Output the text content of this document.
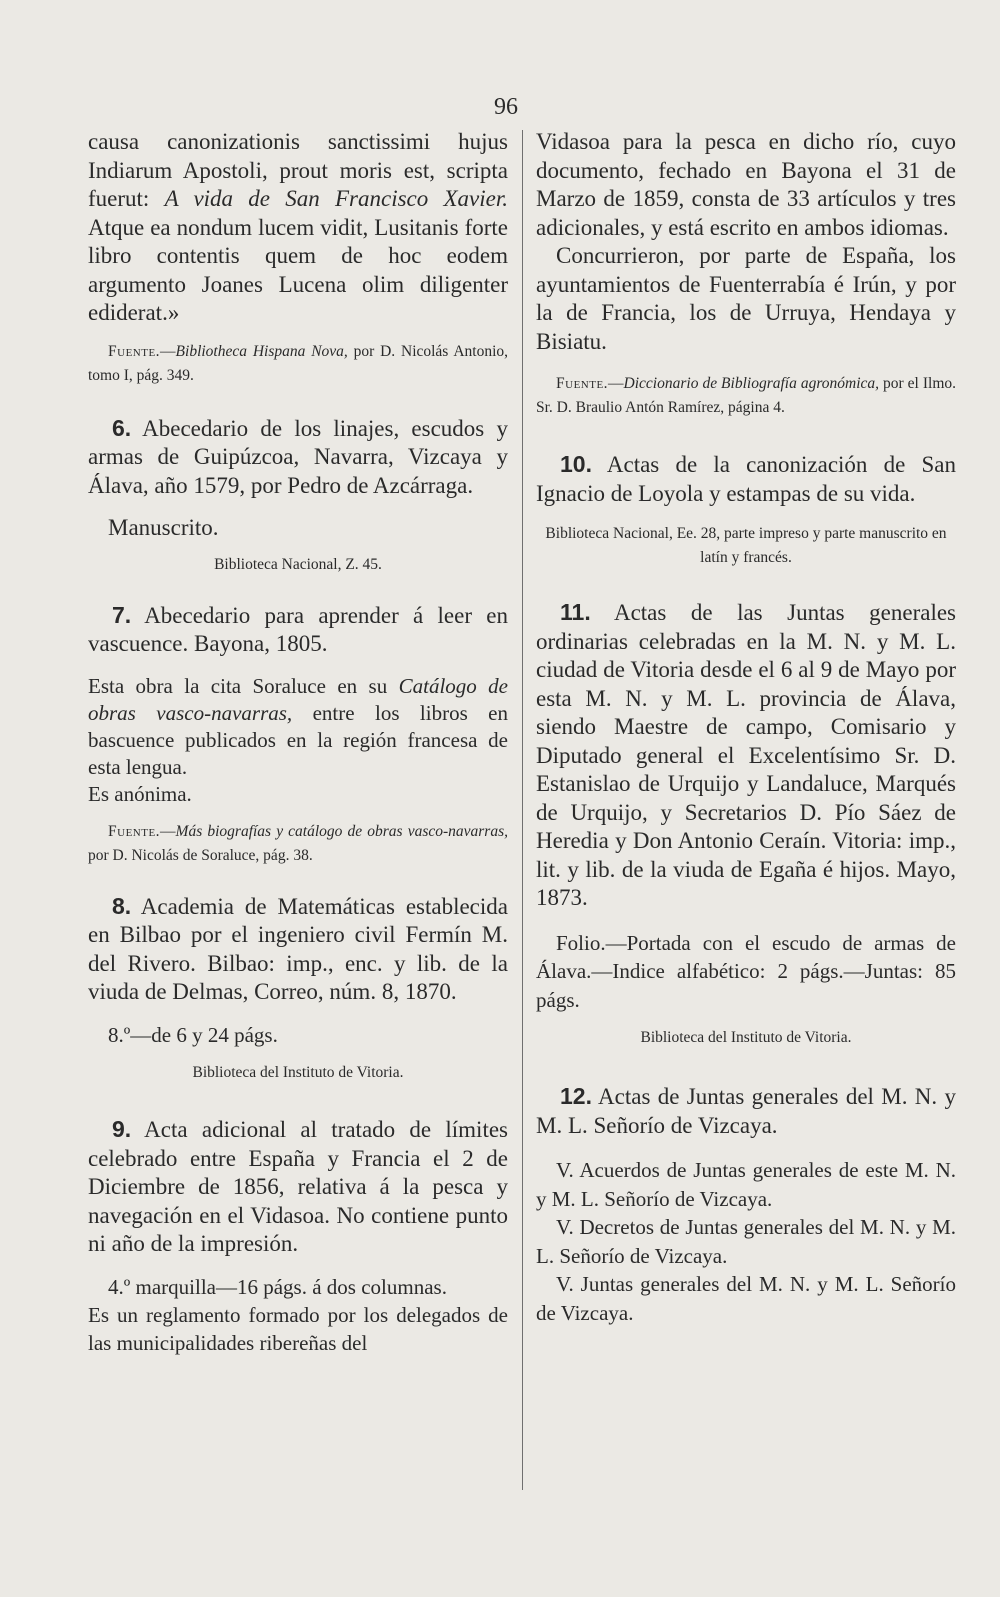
96

causa canonizationis sanctissimi hujus Indiarum Apostoli, prout moris est, scripta fuerut: A vida de San Francisco Xavier. Atque ea nondum lucem vidit, Lusitanis forte libro contentis quem de hoc eodem argumento Joanes Lucena olim diligenter ediderat.»

Fuente.—Bibliotheca Hispana Nova, por D. Nicolás Antonio, tomo I, pág. 349.

6. Abecedario de los linajes, escudos y armas de Guipúzcoa, Navarra, Vizcaya y Álava, año 1579, por Pedro de Azcárraga.

Manuscrito.

Biblioteca Nacional, Z. 45.

7. Abecedario para aprender á leer en vascuence. Bayona, 1805.

Esta obra la cita Soraluce en su Catálogo de obras vasco-navarras, entre los libros en bascuence publicados en la región francesa de esta lengua.

Es anónima.

Fuente.—Más biografías y catálogo de obras vasco-navarras, por D. Nicolás de Soraluce, pág. 38.

8. Academia de Matemáticas establecida en Bilbao por el ingeniero civil Fermín M. del Rivero. Bilbao: imp., enc. y lib. de la viuda de Delmas, Correo, núm. 8, 1870.

8.º—de 6 y 24 págs.

Biblioteca del Instituto de Vitoria.

9. Acta adicional al tratado de límites celebrado entre España y Francia el 2 de Diciembre de 1856, relativa á la pesca y navegación en el Vidasoa. No contiene punto ni año de la impresión.

4.º marquilla—16 págs. á dos columnas.

Es un reglamento formado por los delegados de las municipalidades ribereñas del

Vidasoa para la pesca en dicho río, cuyo documento, fechado en Bayona el 31 de Marzo de 1859, consta de 33 artículos y tres adicionales, y está escrito en ambos idiomas.

Concurrieron, por parte de España, los ayuntamientos de Fuenterrabía é Irún, y por la de Francia, los de Urruya, Hendaya y Bisiatu.

Fuente.—Diccionario de Bibliografía agronómica, por el Ilmo. Sr. D. Braulio Antón Ramírez, página 4.

10. Actas de la canonización de San Ignacio de Loyola y estampas de su vida.

Biblioteca Nacional, Ee. 28, parte impreso y parte manuscrito en latín y francés.

11. Actas de las Juntas generales ordinarias celebradas en la M. N. y M. L. ciudad de Vitoria desde el 6 al 9 de Mayo por esta M. N. y M. L. provincia de Álava, siendo Maestre de campo, Comisario y Diputado general el Excelentísimo Sr. D. Estanislao de Urquijo y Landaluce, Marqués de Urquijo, y Secretarios D. Pío Sáez de Heredia y Don Antonio Ceraín. Vitoria: imp., lit. y lib. de la viuda de Egaña é hijos. Mayo, 1873.

Folio.—Portada con el escudo de armas de Álava.—Indice alfabético: 2 págs.—Juntas: 85 págs.

Biblioteca del Instituto de Vitoria.

12. Actas de Juntas generales del M. N. y M. L. Señorío de Vizcaya.

V. Acuerdos de Juntas generales de este M. N. y M. L. Señorío de Vizcaya.

V. Decretos de Juntas generales del M. N. y M. L. Señorío de Vizcaya.

V. Juntas generales del M. N. y M. L. Señorío de Vizcaya.
